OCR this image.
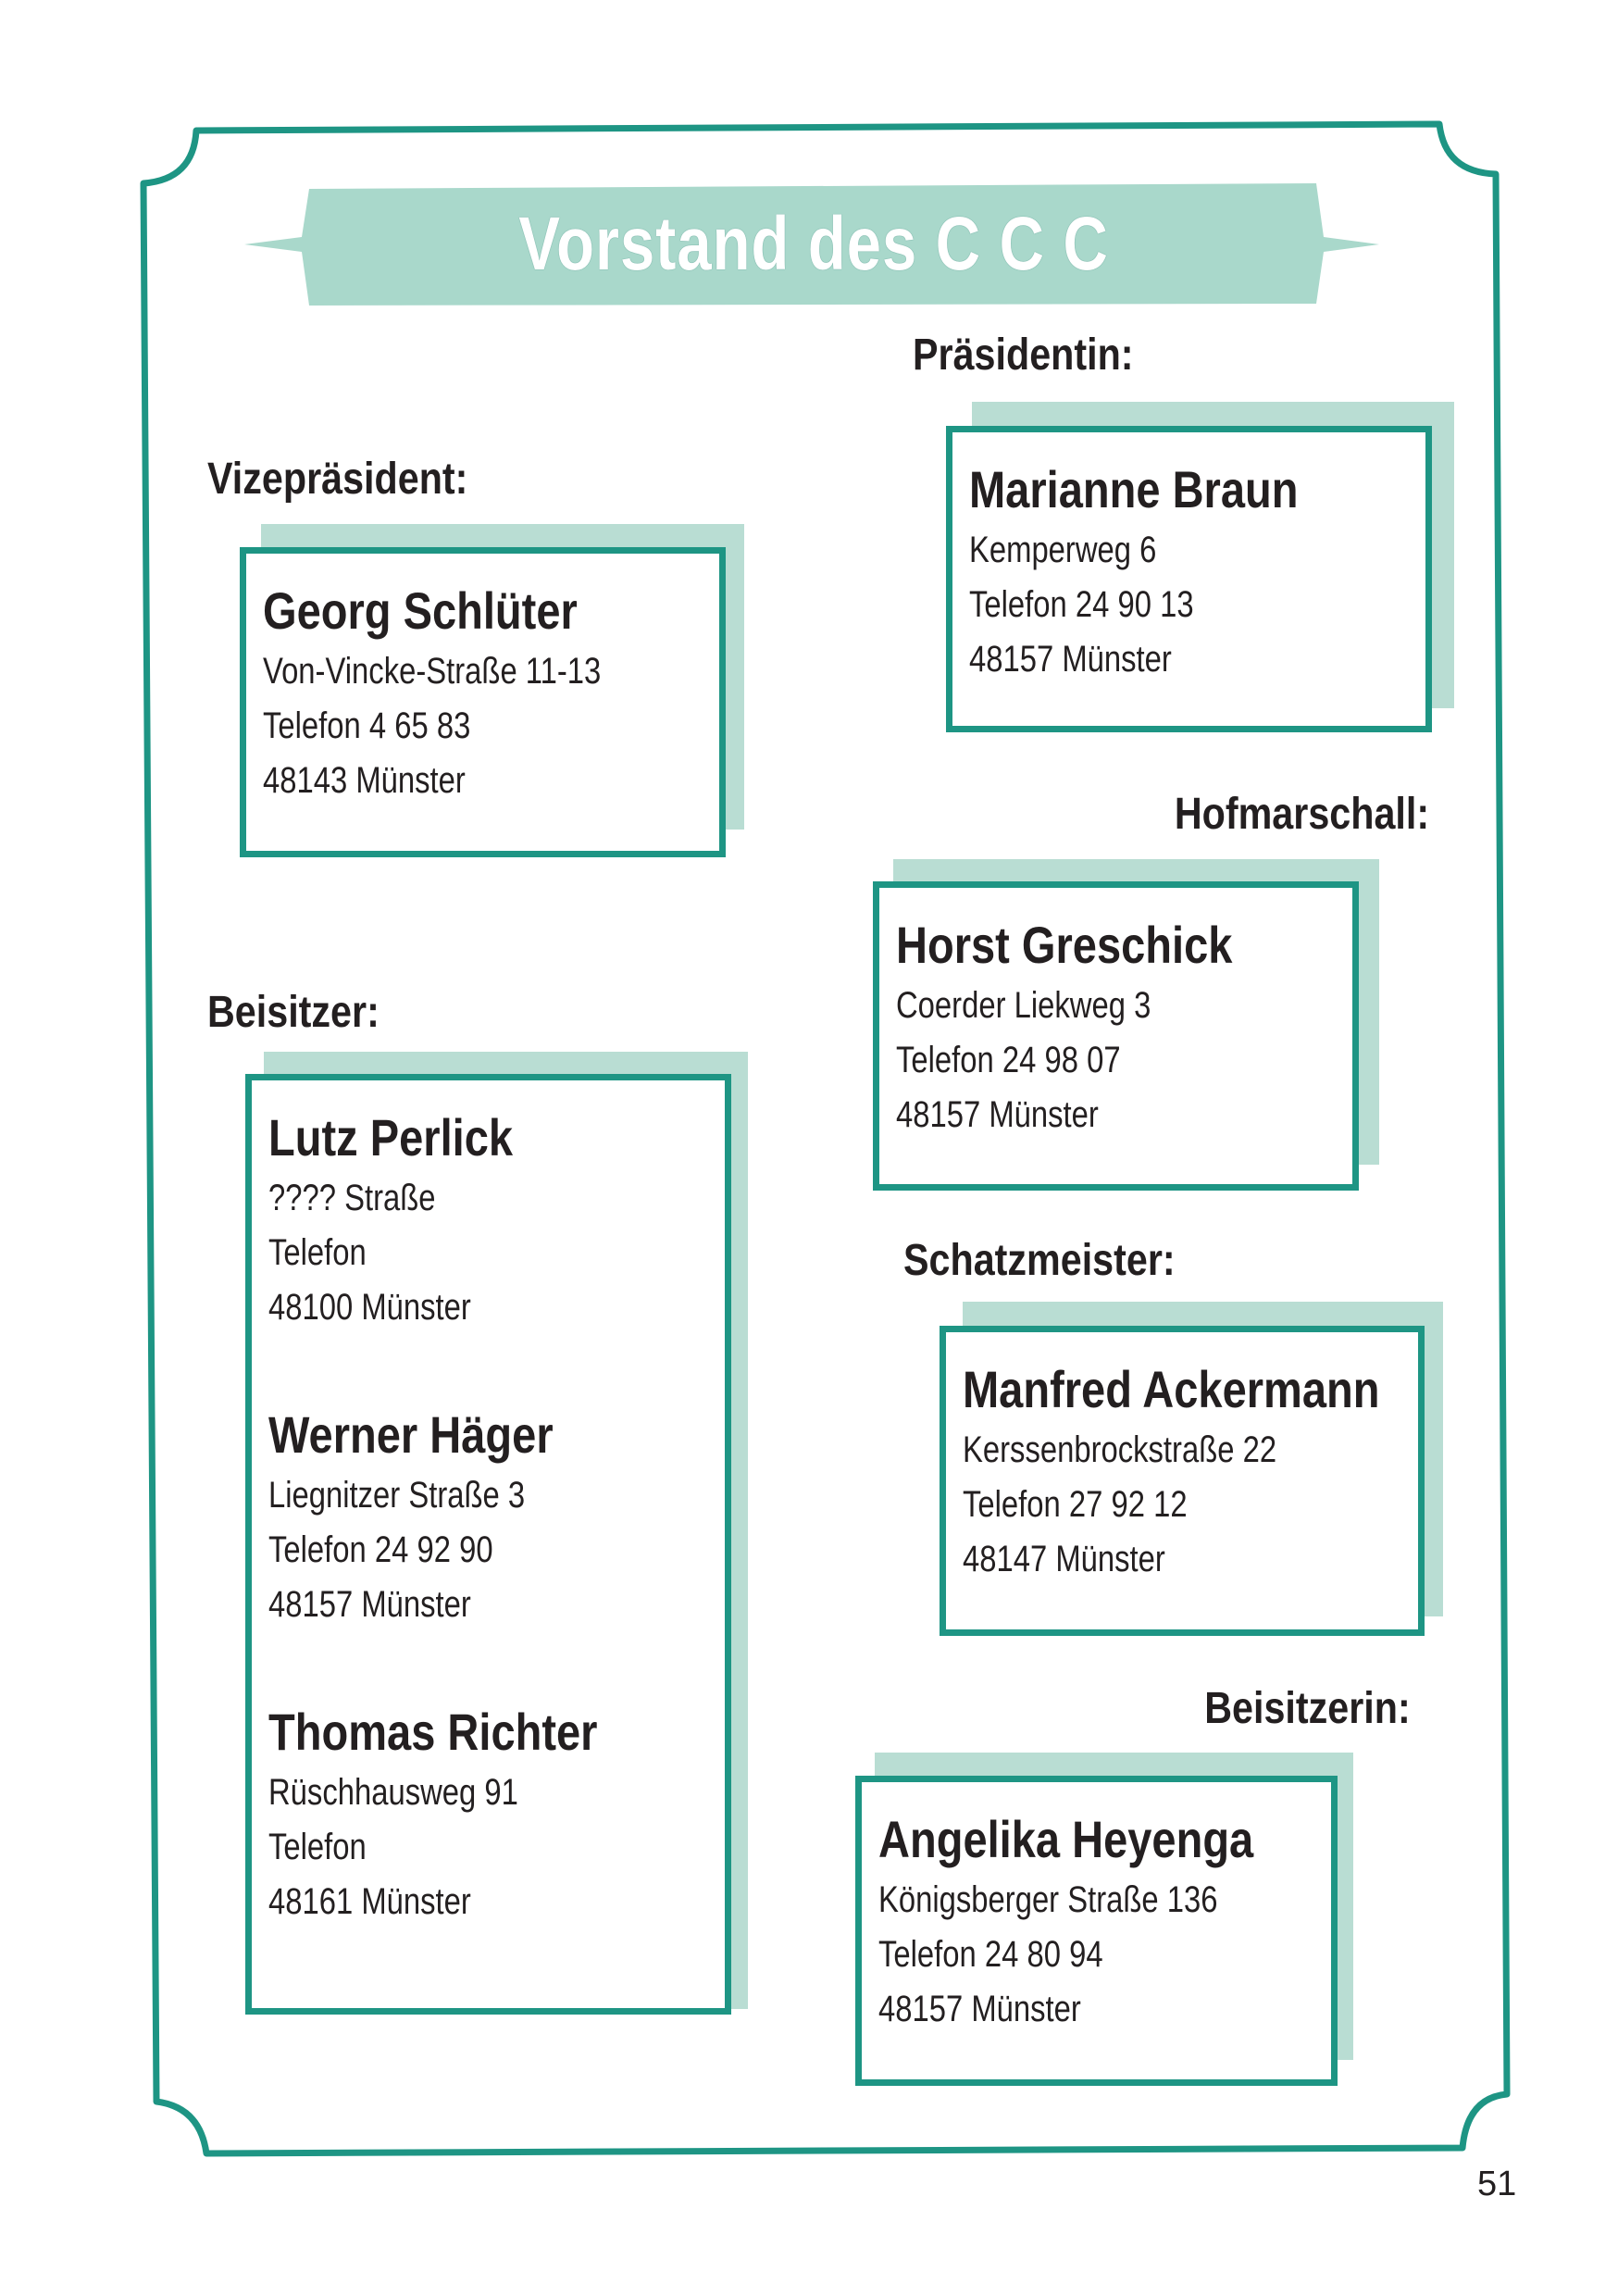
Vorstand des C C C
Präsidentin:
Marianne Braun
Kemperweg 6
Telefon 24 90 13
48157 Münster
Vizepräsident:
Georg Schlüter
Von-Vincke-Straße 11-13
Telefon 4 65 83
48143 Münster
Hofmarschall:
Horst Greschick
Coerder Liekweg 3
Telefon 24 98 07
48157 Münster
Beisitzer:
Lutz Perlick
???? Straße
Telefon
48100 Münster
Werner Häger
Liegnitzer Straße 3
Telefon 24 92 90
48157 Münster
Thomas Richter
Rüschhausweg 91
Telefon
48161 Münster
Schatzmeister:
Manfred Ackermann
Kerssenbrockstraße 22
Telefon 27 92 12
48147 Münster
Beisitzerin:
Angelika Heyenga
Königsberger Straße 136
Telefon 24 80 94
48157 Münster
51
